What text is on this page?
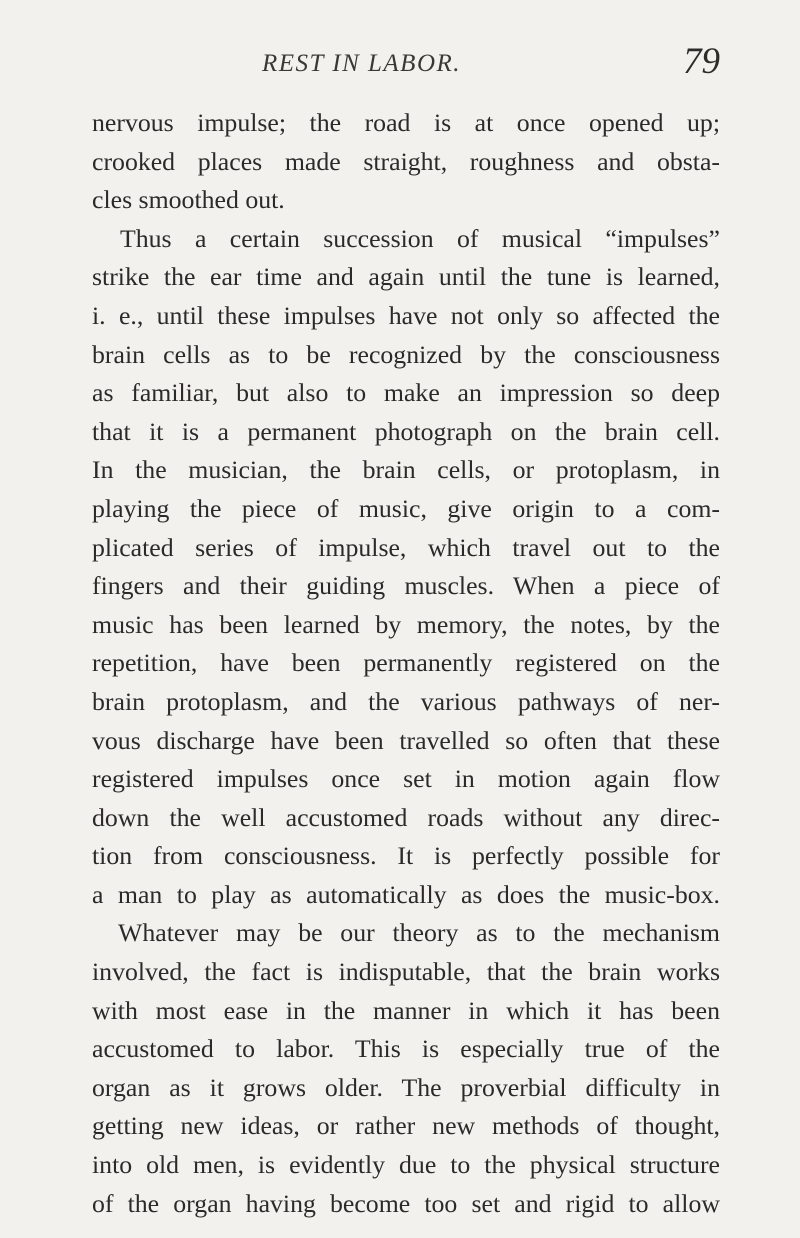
REST IN LABOR.	79
nervous impulse; the road is at once opened up;
crooked places made straight, roughness and obsta-
cles smoothed out.
Thus a certain succession of musical “impulses”
strike the ear time and again until the tune is learned,
i. e., until these impulses have not only so affected the
brain cells as to be recognized by the consciousness
as familiar, but also to make an impression so deep
that it is a permanent photograph on the brain cell.
In the musician, the brain cells, or protoplasm, in
playing the piece of music, give origin to a com-
plicated series of impulse, which travel out to the
fingers and their guiding muscles. When a piece of
music has been learned by memory, the notes, by the
repetition, have been permanently registered on the
brain protoplasm, and the various pathways of ner-
vous discharge have been travelled so often that these
registered impulses once set in motion again flow
down the well accustomed roads without any direc-
tion from consciousness. It is perfectly possible for
a man to play as automatically as does the music-box.
Whatever may be our theory as to the mechanism
involved, the fact is indisputable, that the brain works
with most ease in the manner in which it has been
accustomed to labor. This is especially true of the
organ as it grows older. The proverbial difficulty in
getting new ideas, or rather new methods of thought,
into old men, is evidently due to the physical structure
of the organ having become too set and rigid to allow
